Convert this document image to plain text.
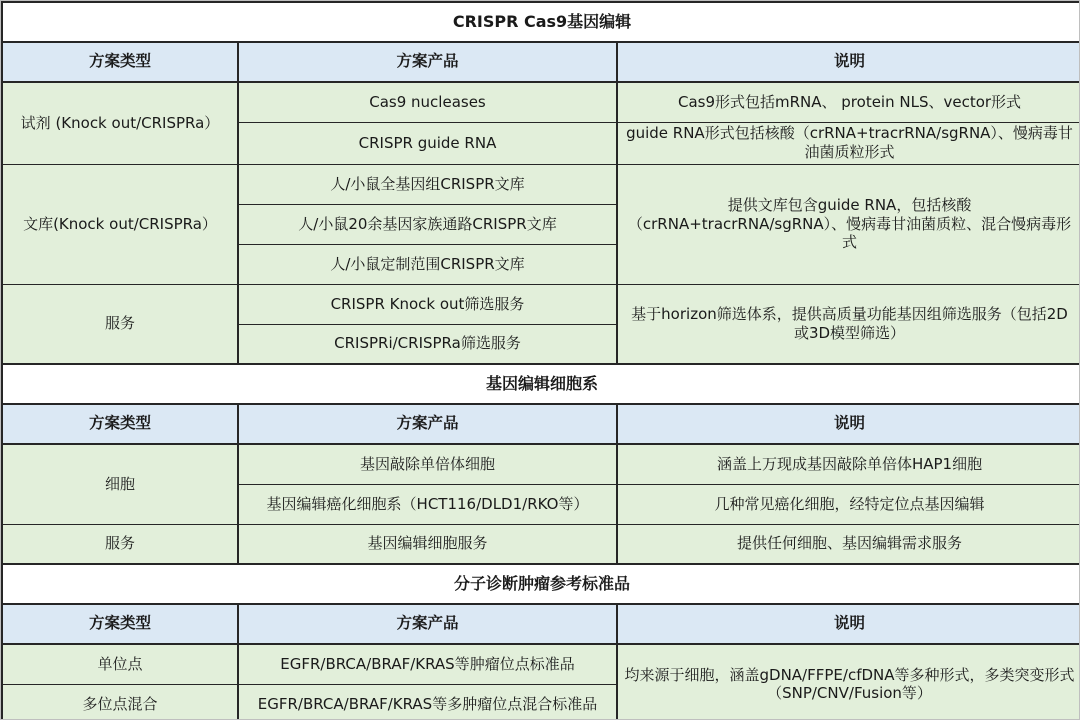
CRISPR Cas9基因编辑		
方案类型	方案产品	说明
试剂 (Knock out/CRISPRa）	Cas9 nucleases	Cas9形式包括mRNA、 protein NLS、vector形式
	CRISPR guide RNA	guide RNA形式包括核酸（crRNA+tracrRNA/sgRNA）、慢病毒甘油菌质粒形式
文库(Knock out/CRISPRa）	人/小鼠全基因组CRISPR文库	提供文库包含guide RNA，包括核酸（crRNA+tracrRNA/sgRNA）、慢病毒甘油菌质粒、混合慢病毒形式
	人/小鼠20余基因家族通路CRISPR文库	
	人/小鼠定制范围CRISPR文库	
服务	CRISPR Knock out筛选服务	基于horizon筛选体系，提供高质量功能基因组筛选服务（包括2D或3D模型筛选）
	CRISPRi/CRISPRa筛选服务	
基因编辑细胞系		
方案类型	方案产品	说明
细胞	基因敲除单倍体细胞	涵盖上万现成基因敲除单倍体HAP1细胞
	基因编辑癌化细胞系（HCT116/DLD1/RKO等）	几种常见癌化细胞，经特定位点基因编辑
服务	基因编辑细胞服务	提供任何细胞、基因编辑需求服务
分子诊断肿瘤参考标准品		
方案类型	方案产品	说明
单位点	EGFR/BRCA/BRAF/KRAS等肿瘤位点标准品	均来源于细胞，涵盖gDNA/FFPE/cfDNA等多种形式，多类突变形式（SNP/CNV/Fusion等）
多位点混合	EGFR/BRCA/BRAF/KRAS等多肿瘤位点混合标准品	
